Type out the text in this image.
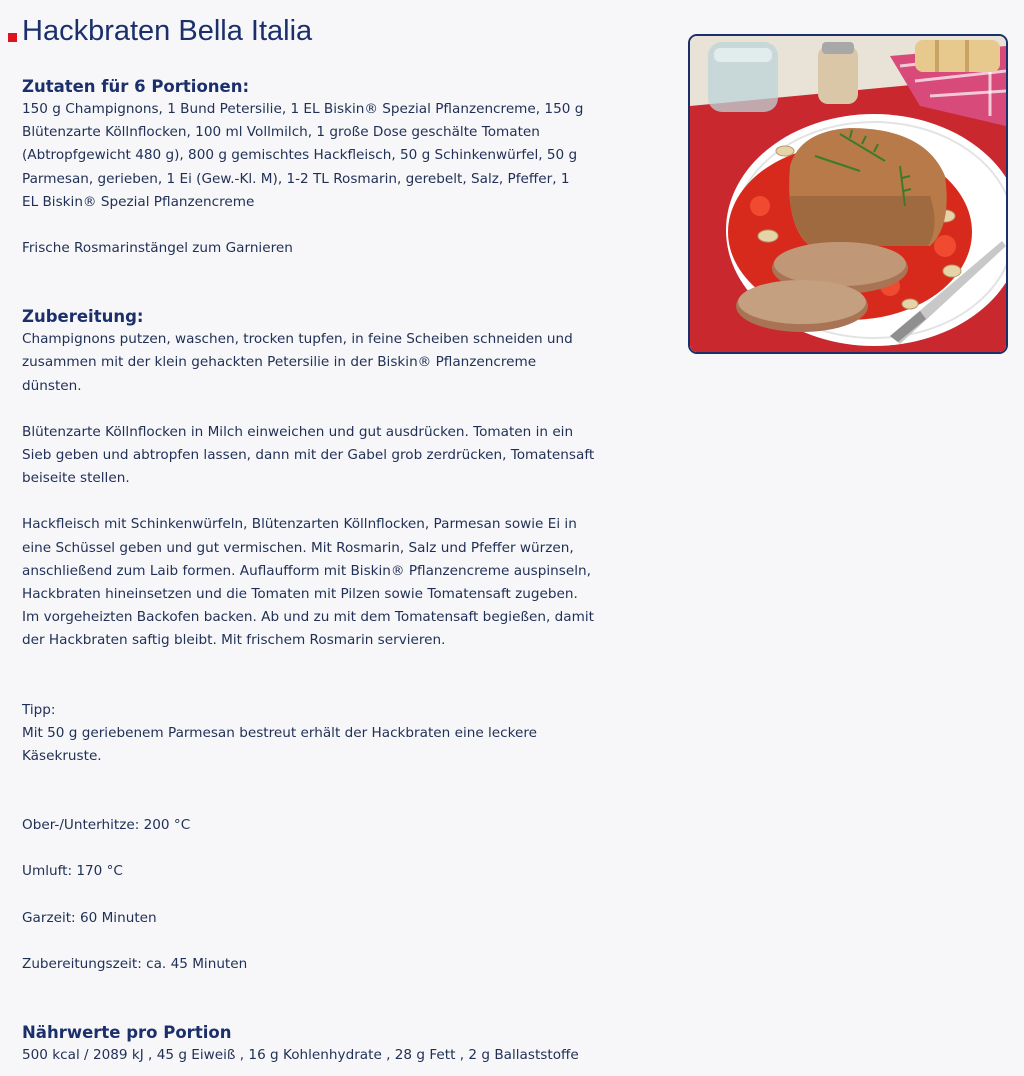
Hackbraten Bella Italia
Zutaten für 6 Portionen:

150 g Champignons, 1 Bund Petersilie, 1 EL Biskin® Spezial Pflanzencreme, 150 g

Blütenzarte Köllnflocken, 100 ml Vollmilch, 1 große Dose geschälte Tomaten

(Abtropfgewicht 480 g), 800 g gemischtes Hackfleisch, 50 g Schinkenwürfel, 50 g

Parmesan, gerieben, 1 Ei (Gew.-Kl. M), 1-2 TL Rosmarin, gerebelt, Salz, Pfeffer, 1

EL Biskin® Spezial Pflanzencreme

Frische Rosmarinstängel zum Garnieren

Zubereitung:

Champignons putzen, waschen, trocken tupfen, in feine Scheiben schneiden und

zusammen mit der klein gehackten Petersilie in der Biskin® Pflanzencreme

dünsten.

Blütenzarte Köllnflocken in Milch einweichen und gut ausdrücken. Tomaten in ein

Sieb geben und abtropfen lassen, dann mit der Gabel grob zerdrücken, Tomatensaft

beiseite stellen.

Hackfleisch mit Schinkenwürfeln, Blütenzarten Köllnflocken, Parmesan sowie Ei in

eine Schüssel geben und gut vermischen. Mit Rosmarin, Salz und Pfeffer würzen,

anschließend zum Laib formen. Auflaufform mit Biskin® Pflanzencreme auspinseln,

Hackbraten hineinsetzen und die Tomaten mit Pilzen sowie Tomatensaft zugeben.

Im vorgeheizten Backofen backen. Ab und zu mit dem Tomatensaft begießen, damit

der Hackbraten saftig bleibt. Mit frischem Rosmarin servieren.

Tipp:

Mit 50 g geriebenem Parmesan bestreut erhält der Hackbraten eine leckere

Käsekruste.

Ober-/Unterhitze: 200 °C

Umluft: 170 °C

Garzeit: 60 Minuten

Zubereitungszeit: ca. 45 Minuten

Nährwerte pro Portion

500 kcal / 2089 kJ , 45 g Eiweiß , 16 g Kohlenhydrate , 28 g Fett , 2 g Ballaststoffe
